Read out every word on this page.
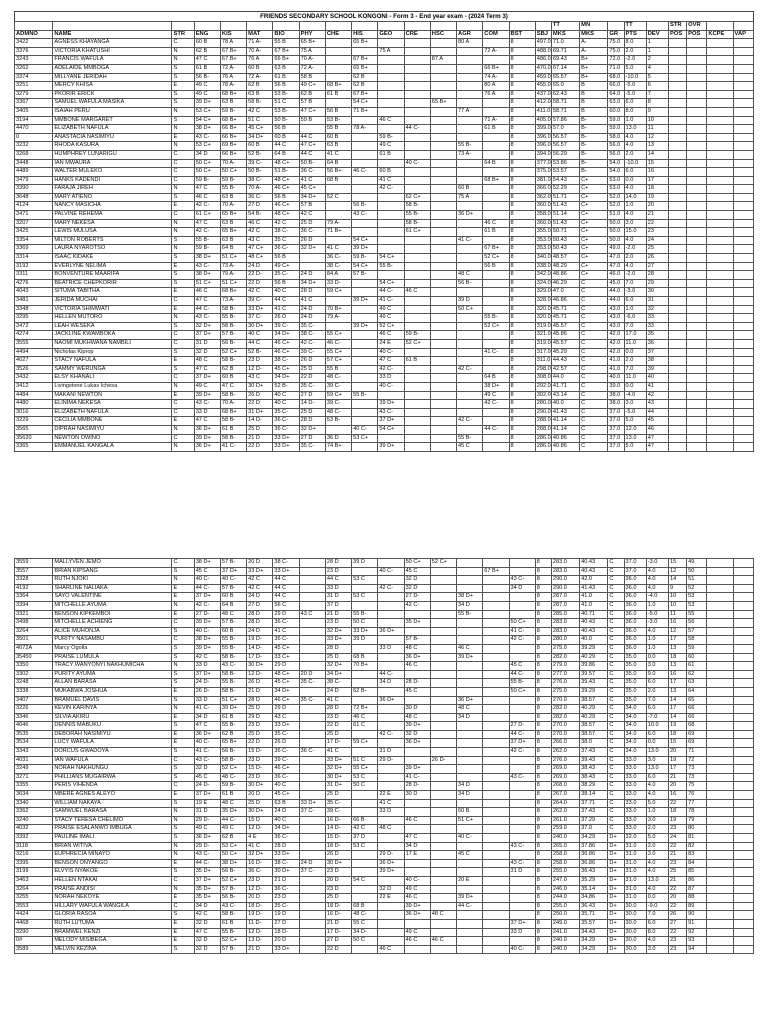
FRIENDS SECONDARY SCHOOL KONGONI - Form 3 - End year exam - (2024 Term 3)
																	TT	MN		TT		STR	OVR		
ADMNO	NAME	STR	ENG	KIS	MAT	BIO	PHY	CHE	HIS	GEO	CRE	HSC	AGR	COM	BST	SBJ	MKS	MKS	GR	PTS	DEV	POS	POS	KCPE	VAP
3422	AGNESS KHAYANGA	C	60 B	78 A	71 A-	55 B	65 B+		65 B+				80 A		8	497.0	71.0	A-	75.0	8.0	1				
3376	VICTORIA KHATUSHI	N	62 B	67 B+	70 A-	67 B+	75 A			75 A				72 A-	8	488.0	69.71	A-	75.0	2.0	1				
3243	FRANCIS WAFULA	N	47 C	67 B+	76 A	66 B+	70 A-		67 B+			87 A			8	486.0	69.43	B+	72.0	-2.0	2				
3262	ADELAIDE MMBOGA	S	61 B	72 A-	60 B	63 B	72 A-		65 B+					66 B+	8	470.0	67.14	B+	71.0	5.0	4				
3374	MILLYANE JERIDAH	S	56 B-	76 A	72 A-	61 B	58 B		62 B					74 A-	8	459.0	65.57	B+	68.0	-10.0	5				
3251	MERCY KHISA	E	49 C	78 A-	62 B	56 B	49 C+	68 B+	62 B					80 A	8	455.0	65.0	B	66.0	-5.0	6				
3279	PKORIR ERICK	S	49 C	68 B+	63 B	53 B-	62 B	61 B	67 B+					76 A	8	437.0	62.43	B	64.0	-5.0	7				
3367	SAMUEL WAFULA MASIKA	S	39 D+	63 B	58 B-	51 C	57 B		54 C+			65 B+			8	412.0	58.71	B	63.0	6.0	8				
3405	ISAIAH PERU	N	53 C+	59 B-	42 C	53 B-	47 C+	56 B	71 B+				77 A		8	411.0	58.71	B	60.0	8.0	9				
3194	MMBONE MARGARET	S	54 C+	68 B+	51 C	50 B-	59 B	53 B-		46 C				71 A-	8	405.0	57.86	B-	59.0	1.0	10				
4470	ELIZABETH NAFULA	N	38 D+	66 B+	45 C+	56 B		55 B	78 A-		44 C-			61 B	8	399.0	57.0	B-	59.0	13.0	11				
0	ANASTACIA NASIMIYU	E	43 C-	66 B+	34 D+	60 B	44 C	60 B		59 B-					8	396.0	56.57	B-	58.0	4.0	12				
3232	RHODA KASURA	N	53 C+	69 B+	60 B	44 C	47 C+	63 B		49 C			55 B-		8	396.0	56.57	B-	56.0	4.0	13				
3268	HUMPHREY LUNARIGU	C	34 D	66 B+	52 B-	64 B	44 C	41 C		61 B			73 A-		8	394.0	56.29	B-	56.0	2.0	14				
3448	IAN MWAURA	C	50 C+	70 A-	39 C-	48 C+	50 B-	64 B			40 C-			64 B	8	377.0	53.86	B-	54.0	-10.0	15				
4489	WALTER MULEKO	C	50 C+	50 C+	50 B-	51 B-	36 C-	56 B+	46 C-	60 B					8	375.0	53.57	B-	54.0	6.0	16				
3479	HANKS KADENDI	C	59 B-	59 B-	38 C-	48 C+	41 C	68 B		41 C				68 B+	8	381.0	54.43	C+	53.0	0.0	17				
3390	FARAJA JIREH	N	47 C	55 B-	70 A-	46 C+	45 C+			42 C-			60 B		8	366.0	52.29	C+	53.0	4.0	18				
3648	MARY ATIENO	S	46 C	63 B	36 C-	56 B	34 D+	52 C			62 C+		75 A		8	362.0	51.71	C+	52.0	14.0	19				
4124	NANCY MASICHA	E	42 C-	70 A-	27 D	46 C+	57 B		56 B-		58 B-				8	360.0	51.43	C+	52.0	1.0	20				
3471	PALVINE REHEMA	C	61 C+	65 B+	54 B-	48 C+	42 C		43 C-		55 B-		36 D+		8	358.0	51.14	C+	51.0	4.0	21				
3207	MARY NEKESA	N	47 C	63 B	46 C	42 C	25 D	79 A-			58 B-			46 C	8	360.0	51.43	C+	50.0	3.0	22				
3425	LEWIS MULUSA	N	42 C-	65 B+	42 C	38 C-	36 C-	71 B+			61 C+			61 B	8	355.0	50.71	C+	50.0	15.0	23				
3354	MILTON ROBERTS	S	55 B-	63 B	43 C	35 C	26 D		54 C+				41 C-		8	353.0	50.43	C+	50.0	4.0	24				
3369	LAURA NYAROTSO	N	59 B-	64 B	47 C+	36 C-	32 D+	41 C	39 D+					67 B+	8	353.0	50.43	C+	49.0	-2.0	25				
3314	ISAAC KIDAKE	S	38 D+	51 C+	48 C+	56 B		36 C-	59 B-	54 C+				52 C+	8	340.0	48.57	C+	47.0	2.0	26				
3192	EVERLYNE NELIMA	E	43 C-	73 A-	24 D	49 C+		38 C-	54 C+	55 B-				56 B	8	338.0	48.29	C+	47.0	4.0	27				
3311	BONVENTURE MAARIFA	S	38 D+	79 A-	22 D-	35 C-	24 D	84 A	57 B-				48 C		8	342.0	48.86	C+	46.0	-2.0	28				
4276	BEATRICE CHEPKORIR	S	51 C+	51 C+	22 D	56 B	34 D+	33 D-		54 C+			56 B-		8	324.0	46.29	C	45.0	7.0	29				
4043	SITUMA TABITHA	E	46 C	68 B+	42 C	40 C	28 D	59 C+		44 C-	46 C				8	329.0	47.0	C	44.0	-3.0	30				
3481	JERIDA MUCHAI	C	47 C	73 A-	39 C-	44 C	41 C		39 D+	41 C-			39 D		8	328.0	46.86	C	44.0	6.0	31				
3348	VICTORIA SHIMWATI	E	44 C-	58 B-	33 D+	41 C	24 D	70 B+		49 C			50 C+		8	320.0	45.71	C	43.0	1.0	32				
3295	HELLEN MUTORO	N	43 C-	55 B-	37 C-	26 D	24 D	79 A-		49 C				55 B-	8	320.0	45.71	C	43.0	-6.0	33				
3472	LEAH WESEKA	S	32 D+	58 B-	30 D+	39 C-	35 C-		39 D+	52 C+				52 C+	8	319.0	45.57	C	43.0	7.0	33				
4274	JACKLINE KWAMBOKA	C	37 D+	57 B-	40 C	34 D+	38 C-	55 C+		46 C	59 B-				8	321.0	45.86	C	42.0	17.0	35				
3555	NAOMI MUKHWANA NAMBILI	C	31 D	56 B-	44 C	46 C+	42 C-	46 C-		24 E	52 C+				8	319.0	45.57	C	42.0	11.0	36				
4494	Nicholas Kiprop	S	32 D	52 C+	52 B-	46 C+	39 C-	55 C+		40 C-				41 C-	8	317.0	45.29	C	42.0	0.0	37				
4027	STACY NAFULA	E	48 C	58 B-	23 D	38 C-	26 D	57 C+		47 C	61 B				8	311.0	44.43	C	41.0	2.0	38				
3526	SAMMY WERUNGA	S	47 C	62 B	12 D-	45 C+	25 D	55 B		42 C-			42 C-		8	298.0	42.57	C	41.0	7.0	39				
3432	ELSY KHANALI	C	37 D+	60 B	43 C	34 D+	22 D	48 C-		33 D				64 B	8	308.0	44.0	C	40.0	11.0	40				
3412	Livingstone Lukas Ichesa	N	49 C	47 C	30 D+	52 B-	35 C-	39 C-		40 C-				38 D+	8	292.0	41.71	C	39.0	0.0	41				
4484	MAKANI NEWTON	E	39 D+	58 B-	26 D	40 C	27 D	59 C+	55 B-					49 C	8	302.0	43.14	C	38.0	-4.0	42				
4480	ELINIMA NEKESA	C	43 C-	70 A-	22 D	40 C	14 D-	39 C-		39 D+				42 C-	8	280.0	40.0	C	38.0	3.0	43				
3016	ELIZABETH NAFULA	C	33 D	68 B+	31 D+	35 C-	25 D	48 C-		43 C-					8	290.0	41.43	C	37.0	-5.0	44				
3229	CECILIA MMBONE	E	47 C	58 B-	14 D-	36 C-	28 D	53 B-		37 D+			42 C-		8	288.0	41.14	C	37.0	5.0	45				
3565	DIPRAH NASIMIYU	N	36 D+	61 B	25 D	36 C-	32 D+		40 C-	54 C+				44 C-	8	288.0	41.14	C	37.0	12.0	46				
35620	NEWTON OWINO	C	39 D+	58 B-	21 D	33 D+	27 D	36 D	53 C+				55 B-		8	286.0	40.86	C	37.0	13.0	47				
3365	EMMANUEL KANGALA	N	36 D+	41 C-	22 D	33 D+	35 C-	74 B+		39 D+			45 C		8	286.0	40.86	C	37.0	5.0	47				
3559	MALLYVEN JEMO	C	38 D+	57 B-	20 D	38 C-		28 D	39 D		50 C+	52 C+				8	283.0	40.43	C	37.0	-3.0	15	49		
3557	BRIAN KIPSANG	S	45 C	37 D+	33 D+	33 D+		23 D		40 C-	45 C			67 B+		8	283.0	40.43	C	37.0	4.0	12	50		
3328	RUTH NJOKI	N	40 C-	40 C-	42 C	44 C		44 C	53 C		32 D				43 C-	8	290.0	42.0	C	36.0	4.0	14	51		
4192	SHARLINE NALIAKA	E	44 C-	57 B-	42 C	44 C		33 D		42 C-	32 D				34 D	8	290.0	41.43	C	36.0	4.0	9	52		
3364	SAYO VALENTINE	E	37 D+	60 B	24 D	44 C		31 D	53 C		27 D-		38 D+			8	287.0	41.0	C	36.0	-4.0	10	53		
3394	MITCHELLE AYUMA	N	42 C-	64 B	27 D	56 C		37 D			42 C-		34 D			8	287.0	41.0	C	36.0	1.0	10	53		
3321	BENSON KIPKEMBOI	E	27 D-	48 C	28 D	29 D	43 C	21 D	55 B-				55 B-			8	285.0	40.71	C	36.0	-5.0	11	55		
3498	MITCHELLE ACHIENG	C	39 D+	57 B-	28 D	36 C-		23 D	50 C		35 D+				50 C+	8	283.0	40.43	C	36.0	-3.0	16	56		
3264	ALICE MUHONJA	S	40 C-	60 B	24 D	41 C		32 D+	33 D+	36 D+					41 C-	8	283.0	40.43	C	36.0	4.0	12	57		
3501	PURITY NASAMBU	C	38 D+	55 B-	19 D-	36 C-		33 D+	39 D		57 B-				42 C-	8	280.0	40.0	C	36.0	1.0	17	58		
4072A	Marcy Ogolla	S	39 D+	55 B-	14 D-	45 C+		28 D		33 D	48 C		46 C			8	275.0	39.29	C	36.0	1.0	13	59		
35450	PRAISE LUMULA	S	42 C	58 B-	17 D-	33 C+		25 D	68 B		36 D+		39 D+			8	282.0	40.29	C	35.0	0.0	18	60		
3350	TRACY WANYONYI NAKHUMICHA	N	33 D	43 C-	30 D+	29 D		32 D+	70 B+		46 C				45 C	8	279.0	39.86	C	35.0	3.0	13	61		
3302	PURITY AYUMA	S	37 D+	58 B-	12 D-	48 C+	20 D	34 D+		44 C-					44 C-	8	277.0	39.57	C	35.0	9.0	16	62		
3248	ALLAN BARASA	S	24 D-	55 B-	26 D	45 C+	35 C-	38 C-		34 D	28 D-				55 B-	8	276.0	39.43	C	35.0	6.0	17	63		
3338	MUKABWA JOSHUA	E	26 D-	58 B-	21 D	34 D+		24 D	62 B-		45 C				50 C+	8	275.0	39.29	C	35.0	2.0	13	64		
3407	BRAMUEL DAVIS	S	33 D	51 C+	28 D	46 C+	35 C-	41 C		36 D+			36 D+			8	270.0	38.57	C	35.0	7.0	14	65		
3226	KEVIN KARINYA	N	41 C-	39 D+	25 D	29 D		28 D	72 B+		30 D		48 C			8	282.0	40.29	C	34.0	6.0	17	66		
3346	SILVIA AKIRU	E	34 D	61 B	29 D	43 C		23 D	46 C		48 C		34 D			8	282.0	40.29	C	34.0	-7.0	14	66		
4046	DENNIS MABUKU	S	47 C	55 B-	23 D	33 D+		22 D	61 C		39 D+				27 D-	8	270.0	38.57	C	34.0	10.0	19	68		
3535	DEBORAH NASIMIYU	E	36 D+	62 B	25 D	35 C-		25 D		42 C-	32 D				44 C-	8	270.0	38.57	C	34.0	6.0	18	69		
3534	LUCY WAFULA	E	40 C-	65 B+	22 D	26 D		17 D-	59 C+		36 D+				37 D+	8	266.0	38.0	C	34.0	0.0	15	69		
3343	DORCUS GWADOYA	S	41 C-	56 B-	15 D-	36 C-	36 C-	41 C		31 D					42 C-	8	262.0	37.43	C	34.0	13.0	20	71		
4031	IAN WAFULA	C	43 C-	58 B-	23 D	39 C-		33 D+	51 C	29 D-		26 D-				8	276.0	39.43	C	33.0	3.0	19	72		
3249	NORAH NAKHUNGU	S	32 D	52 C+	15 D-	46 C+		32 D+	55 C+		39 D+					8	269.0	38.43	C	33.0	13.0	17	73		
3271	PHILLIANS MUGAIRWA	S	45 C	48 C-	23 D	36 C-		30 D+	53 C		41 C-				43 C-	8	269.0	38.43	C	33.0	6.0	21	73		
3355	PERIS VIHENDA	C	24 D-	59 B-	30 D+	40 C		31 D+	50 C		28 D-		34 D			8	268.0	38.29	C	33.0	4.0	20	75		
3634	MBERE AGNES ALEYO	E	37 D+	61 B	20 D	45 C+		25 D		22 E	30 D		34 D			8	267.0	38.14	C	33.0	4.0	16	76		
3340	WILLIAM NAKAYA	S	19 E	48 C	25 D	63 B	33 D+	35 C-		41 C						8	264.0	37.71	C	33.0	5.0	22	77		
3362	SAMWUEL BARASA	N	31 D	35 D+	30 D+	24 D	37 C-	39 C-		33 D			60 B			8	262.0	37.43	C	33.0	1.0	18	78		
3240	STACY TERESA CHELIMO	N	29 D-	44 C-	15 D	40 C		16 D-	66 B		46 C		51 C+			8	261.0	37.29	C	33.0	3.0	19	79		
4032	PRAISE ESALANWO IMBUGA	S	49 C	49 C	12 D-	34 D+		14 D-	42 C	48 C						8	259.0	37.0	C	33.0	2.0	23	80		
3392	PAULINE IMALI	S	36 D+	62 B	4 E	36 C-		15 D-	37 D		47 C		40 C-			8	240.0	34.29	D+	32.0	5.0	24	81		
3118	BRIAN WITIVA	N	29 D-	53 C+	41 C	28 D		18 D-	53 C		34 D				43 C-	8	265.0	37.86	D+	31.0	2.0	22	82		
3216	EUPHRECIA MINAYO	N	43 C-	50 C+	32 D+	33 D+		26 D		29 D-	17 E		45 C			8	258.0	36.86	D+	31.0	3.0	21	83		
3395	BENSON ONYANGO	E	44 C-	38 D+	16 D-	38 C-	24 D	30 D+		36 D+					43 C-	8	258.0	36.86	D+	31.0	4.0	23	84		
3199	ELVYIS NYAKOE	S	35 D+	56 B-	36 C-	30 D+	37 C-	23 D		39 D+					31 D	8	255.0	36.43	D+	31.0	4.0	25	85		
3463	HELLEN NTAKAI	C	37 D+	52 C+	23 D	21 D		20 D	54 C		40 C-		20 E			8	247.0	35.29	D+	31.0	13.0	21	86		
3264	PRAISE ANDISI	N	35 D+	57 B-	12 D-	36 C-		23 D		32 D	49 C					8	246.0	35.14	D+	31.0	4.0	22	87		
3255	NORAH NEKOYE	E	35 D+	56 B-	20 D	23 D		25 D		22 E	46 C		39 D+			8	244.0	34.86	D+	31.0	0.0	20	88		
3553	HILLARY WAFULA WANGILA	C	34 D	43 C-	18 D-	35 C-		18 D-	68 B		39 D+		44 C-			8	255.0	36.43	D+	30.0	-9.0	22	89		
4424	GLORIA RASOA	S	42 C	58 B-	19 D-	19 D		16 D-	48 C-		36 D+	48 C				8	250.0	35.71	D+	30.0	7.0	26	90		
4468	RUTH LUTUMA	E	32 D	61 B	11 D-	27 D		21 D	55 C						37 D+	8	249.0	35.57	D+	30.0	6.0	27	91		
3290	BRAMWEL KENZI	E	47 C	55 B-	12 D-	18 D-		17 D-	34 D-		49 C				33 D	8	241.0	34.43	D+	30.0	8.0	22	92		
0#	MELODY MISIBEGA	E	32 D	52 C+	13 D-	20 D		27 D	50 C		46 C	46 C				8	240.0	34.29	D+	30.0	4.0	23	93		
3589	MELVIN KEZINA	S	32 D	57 B-	21 D	33 D+		22 D		46 C					40 C-	8	240.0	34.29	D+	30.0	3.0	23	94		
